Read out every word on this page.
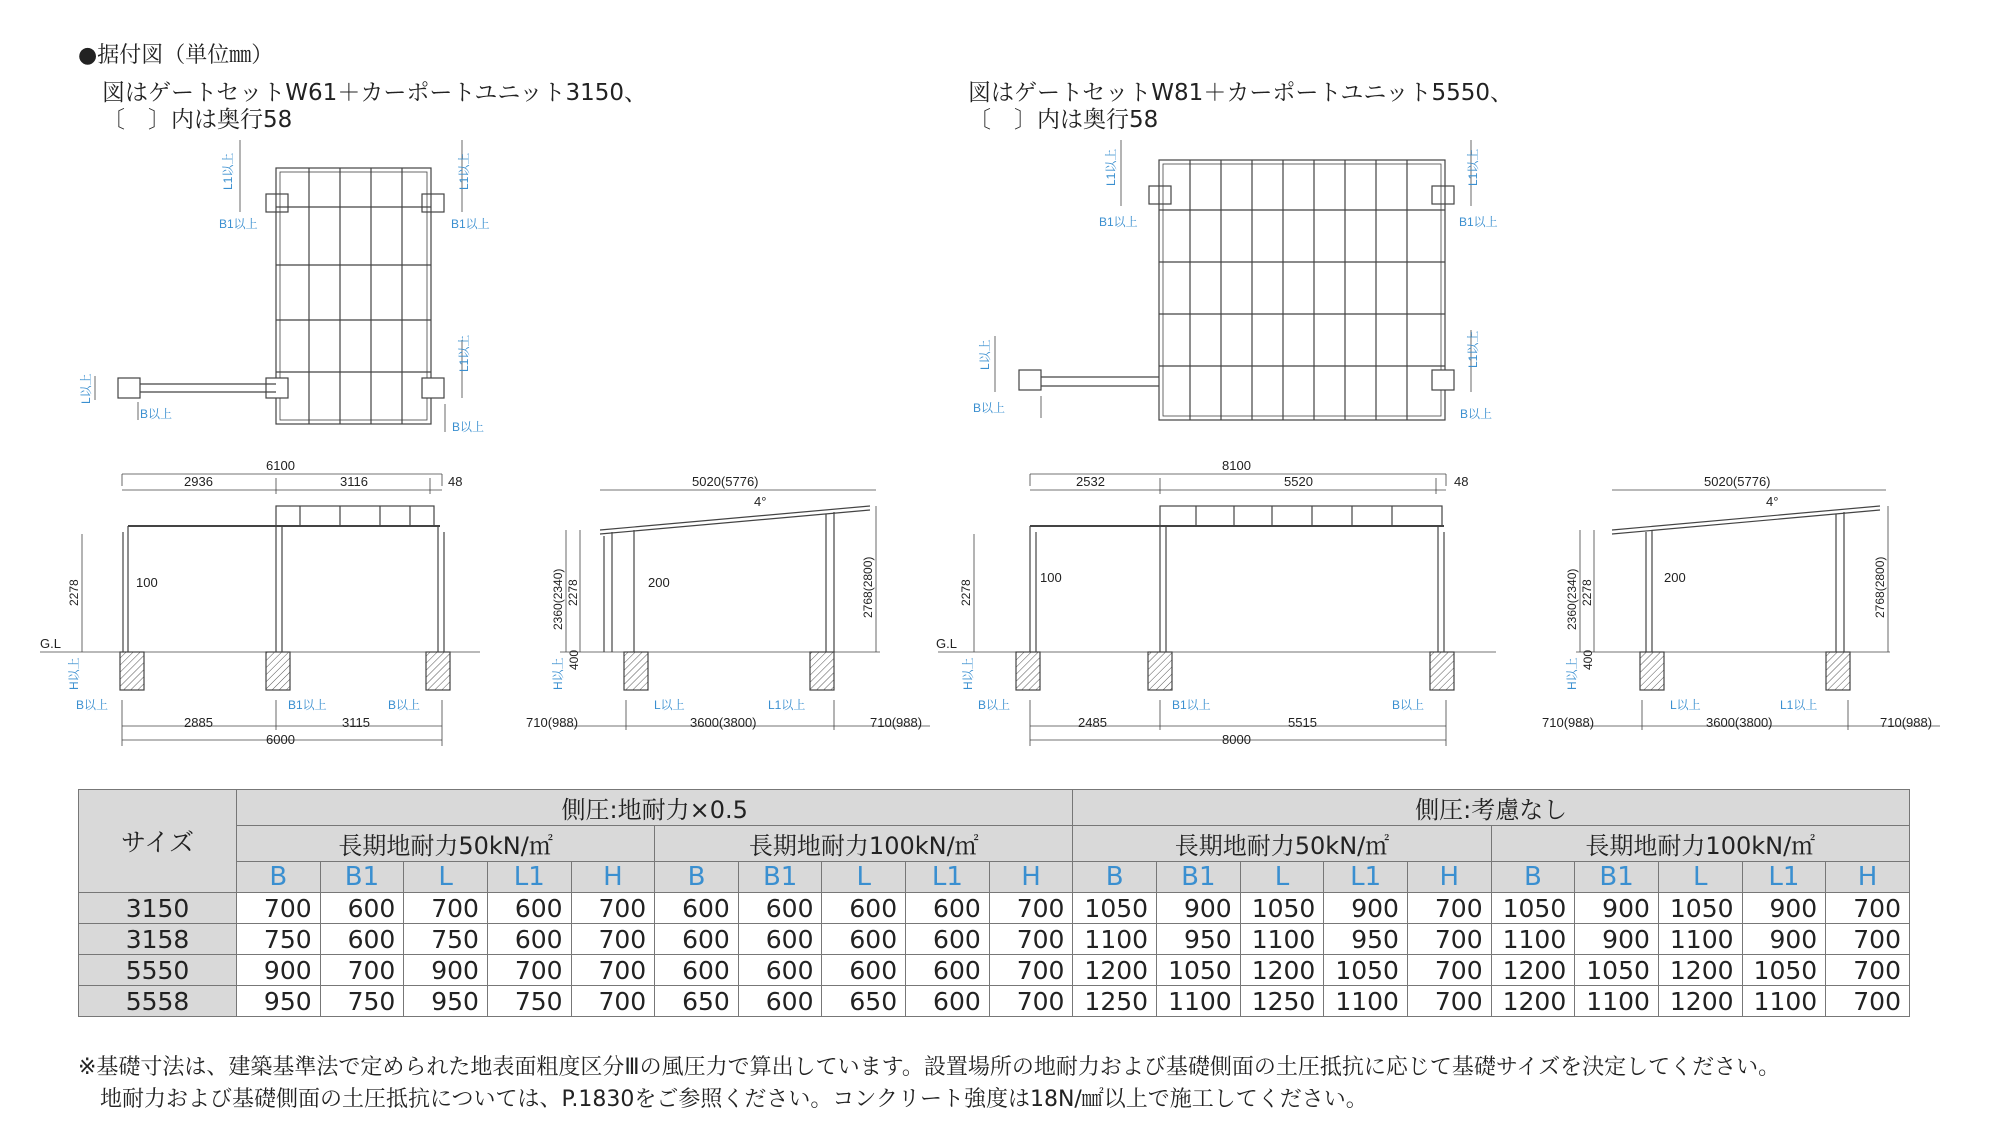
●据付図（単位㎜）
図はゲートセットW61＋カーポートユニット3150、
〔　〕内は奥行58
図はゲートセットW81＋カーポートユニット5550、
〔　〕内は奥行58
B1以上	B1以上
B以上
B以上
L1以上	L1以上
L1以上
L以上
B1以上	B1以上
B以上	B以上
L1以上	L1以上
L1以上
L以上
6100
2936	3116	48
2278	100
G.L
H以上
B以上	B1以上	B以上
2885	3115
6000
5020(5776)
4°
2360(2340) 2278	200	2768(2800)
400
H以上
L以上	L1以上
710(988)	3600(3800)	710(988)
8100
2532	5520	48
2278
100
G.L
H以上
B以上	B1以上	B以上
2485	5515
8000
5020(5776)
4°
2360(2340) 2278
200	2768(2800)
400
H以上
L以上	L1以上
710(988)	3600(3800)	710(988)
サイズ	側圧:地耐力×0.5										側圧:考慮なし									
	長期地耐力50kN/㎡					長期地耐力100kN/㎡					長期地耐力50kN/㎡					長期地耐力100kN/㎡				
	B	B1	L	L1	H	B	B1	L	L1	H	B	B1	L	L1	H	B	B1	L	L1	H
3150	700	600	700	600	700	600	600	600	600	700	1050	900	1050	900	700	1050	900	1050	900	700
3158	750	600	750	600	700	600	600	600	600	700	1100	950	1100	950	700	1100	900	1100	900	700
5550	900	700	900	700	700	600	600	600	600	700	1200	1050	1200	1050	700	1200	1050	1200	1050	700
5558	950	750	950	750	700	650	600	650	600	700	1250	1100	1250	1100	700	1200	1100	1200	1100	700
※基礎寸法は、建築基準法で定められた地表面粗度区分Ⅲの風圧力で算出しています。設置場所の地耐力および基礎側面の土圧抵抗に応じて基礎サイズを決定してください。
地耐力および基礎側面の土圧抵抗については、P.1830をご参照ください。コンクリート強度は18N/㎟以上で施工してください。
